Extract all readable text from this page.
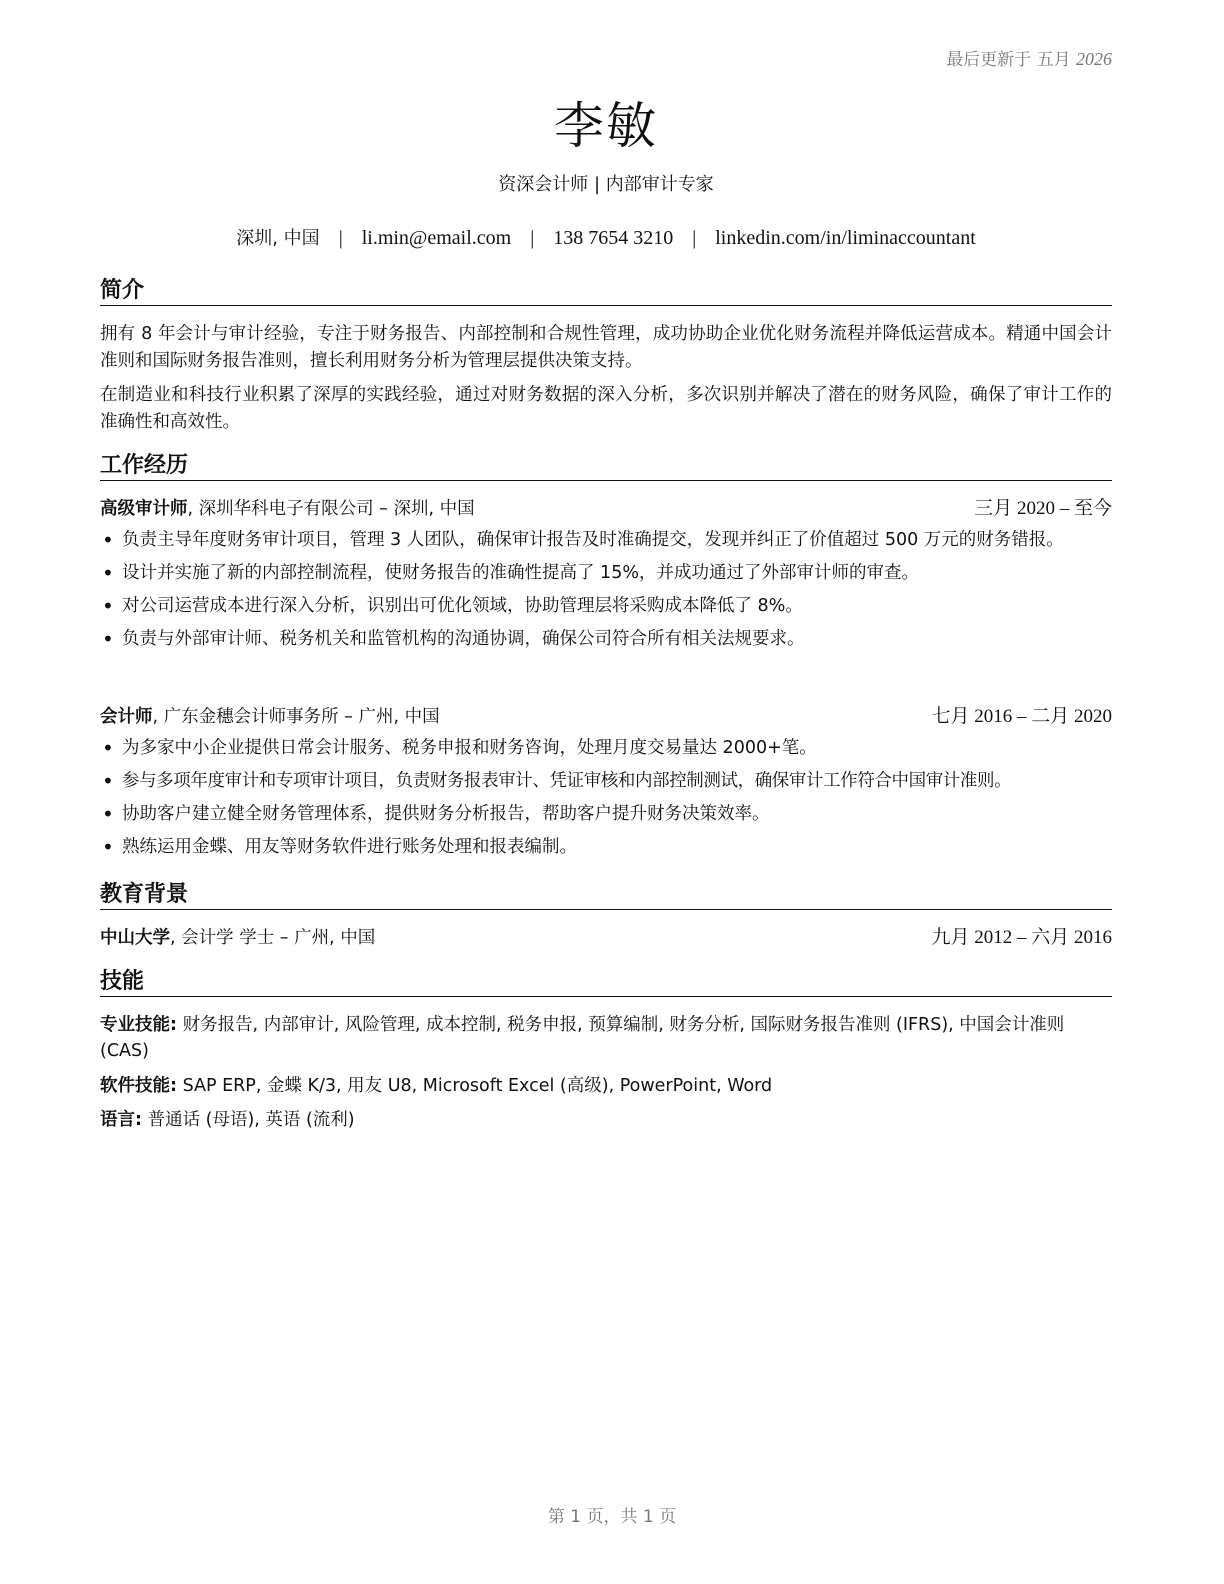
最后更新于 五月 2026
李敏
资深会计师 | 内部审计专家
深圳, 中国 | li.min@email.com | 138 7654 3210 | linkedin.com/in/liminaccountant
简介
拥有 8 年会计与审计经验，专注于财务报告、内部控制和合规性管理，成功协助企业优化财务流程并降低运营成本。精通中国会计准则和国际财务报告准则，擅长利用财务分析为管理层提供决策支持。
在制造业和科技行业积累了深厚的实践经验，通过对财务数据的深入分析，多次识别并解决了潜在的财务风险，确保了审计工作的准确性和高效性。
工作经历
高级审计师, 深圳华科电子有限公司 – 深圳, 中国	三月 2020 – 至今
• 负责主导年度财务审计项目，管理 3 人团队，确保审计报告及时准确提交，发现并纠正了价值超过 500 万元的财务错报。
• 设计并实施了新的内部控制流程，使财务报告的准确性提高了 15%，并成功通过了外部审计师的审查。
• 对公司运营成本进行深入分析，识别出可优化领域，协助管理层将采购成本降低了 8%。
• 负责与外部审计师、税务机关和监管机构的沟通协调，确保公司符合所有相关法规要求。
会计师, 广东金穗会计师事务所 – 广州, 中国	七月 2016 – 二月 2020
• 为多家中小企业提供日常会计服务、税务申报和财务咨询，处理月度交易量达 2000+笔。
• 参与多项年度审计和专项审计项目，负责财务报表审计、凭证审核和内部控制测试，确保审计工作符合中国审计准则。
• 协助客户建立健全财务管理体系，提供财务分析报告，帮助客户提升财务决策效率。
• 熟练运用金蝶、用友等财务软件进行账务处理和报表编制。
教育背景
中山大学, 会计学 学士 – 广州, 中国	九月 2012 – 六月 2016
技能
专业技能: 财务报告, 内部审计, 风险管理, 成本控制, 税务申报, 预算编制, 财务分析, 国际财务报告准则 (IFRS), 中国会计准则 (CAS)
软件技能: SAP ERP, 金蝶 K/3, 用友 U8, Microsoft Excel (高级), PowerPoint, Word
语言: 普通话 (母语), 英语 (流利)
第 1 页，共 1 页
